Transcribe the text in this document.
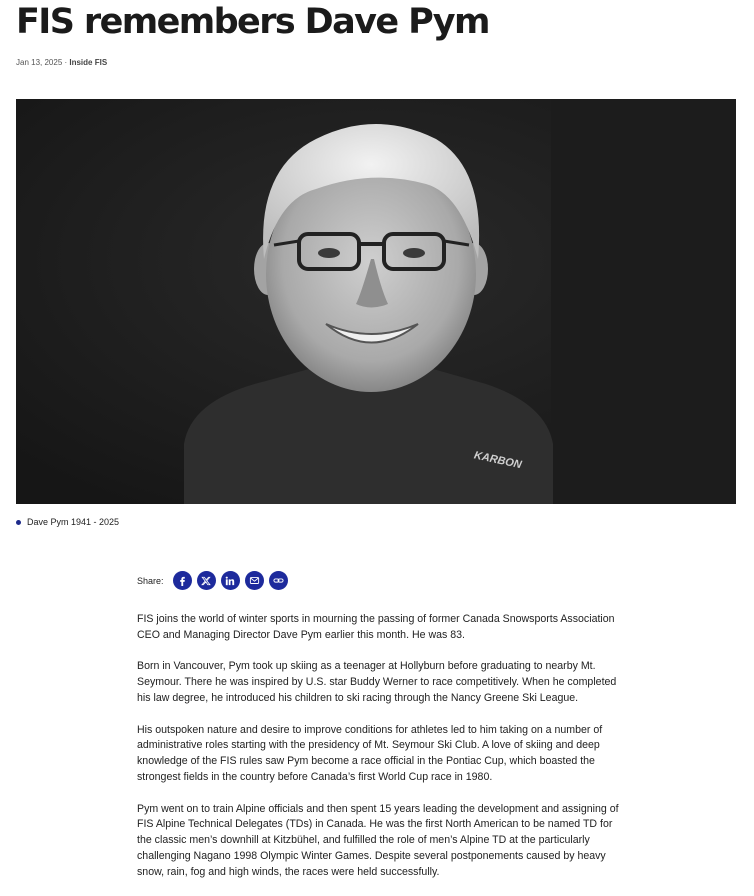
FIS remembers Dave Pym
Jan 13, 2025 · Inside FIS
KARBON
Dave Pym 1941 - 2025
Share:

FIS joins the world of winter sports in mourning the passing of former Canada Snowsports Association CEO and Managing Director Dave Pym earlier this month. He was 83.

Born in Vancouver, Pym took up skiing as a teenager at Hollyburn before graduating to nearby Mt. Seymour. There he was inspired by U.S. star Buddy Werner to race competitively. When he completed his law degree, he introduced his children to ski racing through the Nancy Greene Ski League.

His outspoken nature and desire to improve conditions for athletes led to him taking on a number of administrative roles starting with the presidency of Mt. Seymour Ski Club. A love of skiing and deep knowledge of the FIS rules saw Pym become a race official in the Pontiac Cup, which boasted the strongest fields in the country before Canada’s first World Cup race in 1980.

Pym went on to train Alpine officials and then spent 15 years leading the development and assigning of FIS Alpine Technical Delegates (TDs) in Canada. He was the first North American to be named TD for the classic men’s downhill at Kitzbühel, and fulfilled the role of men’s Alpine TD at the particularly challenging Nagano 1998 Olympic Winter Games. Despite several postponements caused by heavy snow, rain, fog and high winds, the races were held successfully.
